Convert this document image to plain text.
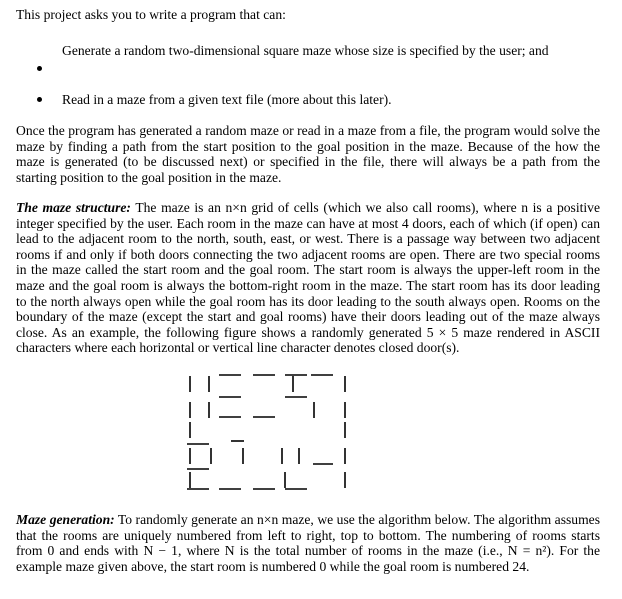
This project asks you to write a program that can:

Generate a random two-dimensional square maze whose size is specified by the user; and

Read in a maze from a given text file (more about this later).

Once the program has generated a random maze or read in a maze from a file, the program would solve the maze by finding a path from the start position to the goal position in the maze. Because of the how the maze is generated (to be discussed next) or specified in the file, there will always be a path from the starting position to the goal position in the maze.

The maze structure: The maze is an n×n grid of cells (which we also call rooms), where n is a positive integer specified by the user. Each room in the maze can have at most 4 doors, each of which (if open) can lead to the adjacent room to the north, south, east, or west. There is a passage way between two adjacent rooms if and only if both doors connecting the two adjacent rooms are open. There are two special rooms in the maze called the start room and the goal room. The start room is always the upper-left room in the maze and the goal room is always the bottom-right room in the maze. The start room has its door leading to the north always open while the goal room has its door leading to the south always open. Rooms on the boundary of the maze (except the start and goal rooms) have their doors leading out of the maze always close. As an example, the following figure shows a randomly generated 5 × 5 maze rendered in ASCII characters where each horizontal or vertical line character denotes closed door(s).

Maze generation: To randomly generate an n×n maze, we use the algorithm below. The algorithm assumes that the rooms are uniquely numbered from left to right, top to bottom. The numbering of rooms starts from 0 and ends with N − 1, where N is the total number of rooms in the maze (i.e., N = n²). For the example maze given above, the start room is numbered 0 while the goal room is numbered 24.
